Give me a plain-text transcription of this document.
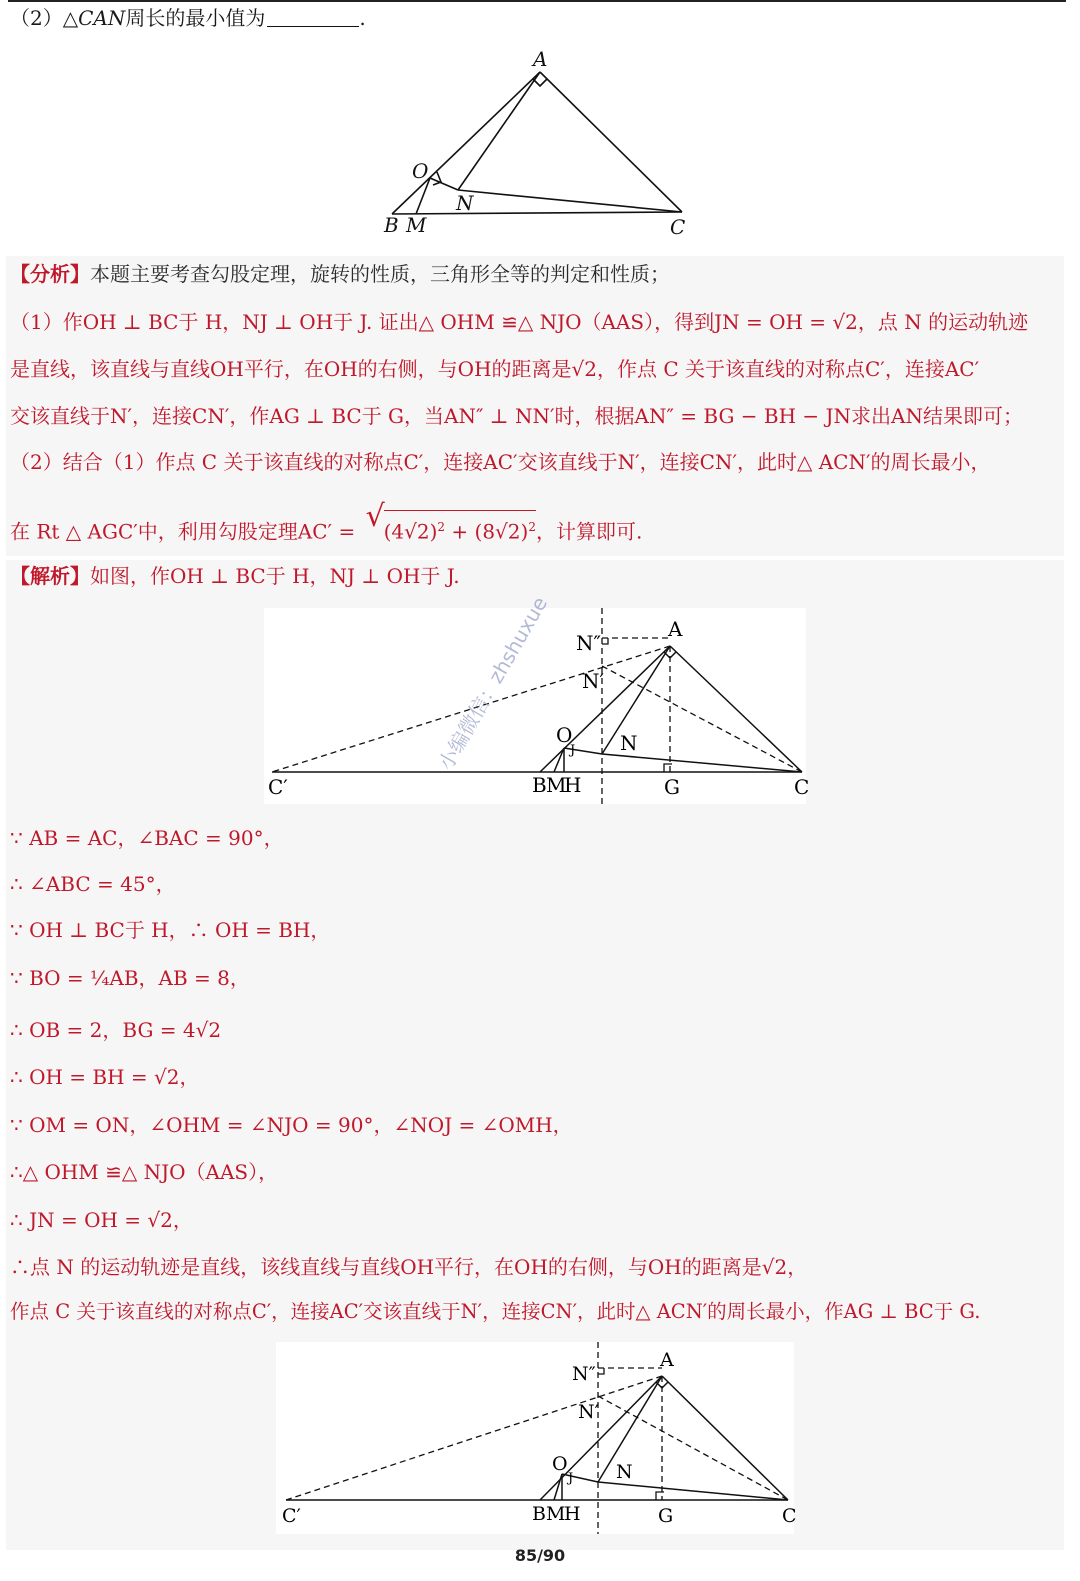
（2）△CAN周长的最小值为	.
A
O
N
B M	C
【分析】本题主要考查勾股定理，旋转的性质，三角形全等的判定和性质；
（1）作OH ⊥ BC于 H，NJ ⊥ OH于 J. 证出△ OHM ≌△ NJO（AAS），得到JN = OH = √2，点 N 的运动轨迹
是直线，该直线与直线OH平行，在OH的右侧，与OH的距离是√2，作点 C 关于该直线的对称点C′，连接AC′
交该直线于N′，连接CN′，作AG ⊥ BC于 G，当AN″ ⊥ NN′时，根据AN″ = BG − BH − JN求出AN结果即可；
（2）结合（1）作点 C 关于该直线的对称点C′，连接AC′交该直线于N′，连接CN′，此时△ ACN′的周长最小，
在 Rt △ AGC′中，利用勾股定理AC′ = √
$(4√2)^2 + (8√2)^2$，计算即可.
【解析】如图，作OH ⊥ BC于 H，NJ ⊥ OH于 J.
N″
A
N′
O
J N
C′	B M
H	G	C
∵ AB = AC，∠BAC = 90°，
∴ ∠ABC = 45°，
∵ OH ⊥ BC于 H，∴ OH = BH，
∵ BO = ¼AB，AB = 8，
∴ OB = 2，BG = 4√2
∴ OH = BH = √2，
∵ OM = ON，∠OHM = ∠NJO = 90°，∠NOJ = ∠OMH，
∴△ OHM ≌△ NJO（AAS），
∴ JN = OH = √2，
∴点 N 的运动轨迹是直线，该线直线与直线OH平行，在OH的右侧，与OH的距离是√2，
作点 C 关于该直线的对称点C′，连接AC′交该直线于N′，连接CN′，此时△ ACN′的周长最小，作AG ⊥ BC于 G.
N″
A
N′
O
J N
C′	B M
H	G	C
小编微信：zhshuxue
85/90
